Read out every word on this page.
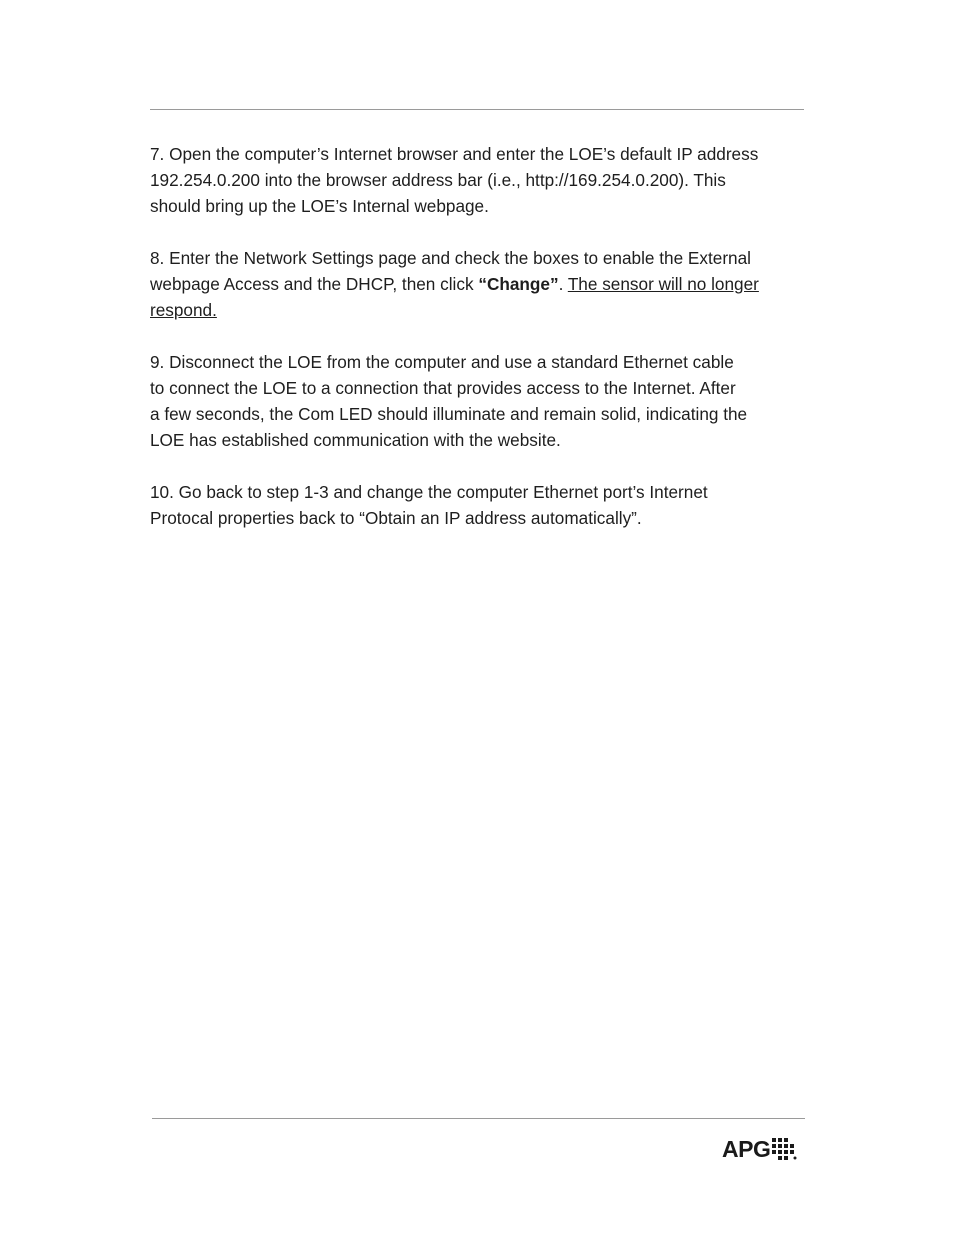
7. Open the computer’s Internet browser and enter the LOE’s default IP address
192.254.0.200 into the browser address bar (i.e., http://169.254.0.200). This
should bring up the LOE’s Internal webpage.

8. Enter the Network Settings page and check the boxes to enable the External
webpage Access and the DHCP, then click “Change”. The sensor will no longer
respond.

9. Disconnect the LOE from the computer and use a standard Ethernet cable
to connect the LOE to a connection that provides access to the Internet. After
a few seconds, the Com LED should illuminate and remain solid, indicating the
LOE has established communication with the website.

10. Go back to step 1-3 and change the computer Ethernet port’s Internet
Protocal properties back to “Obtain an IP address automatically”.

APG
